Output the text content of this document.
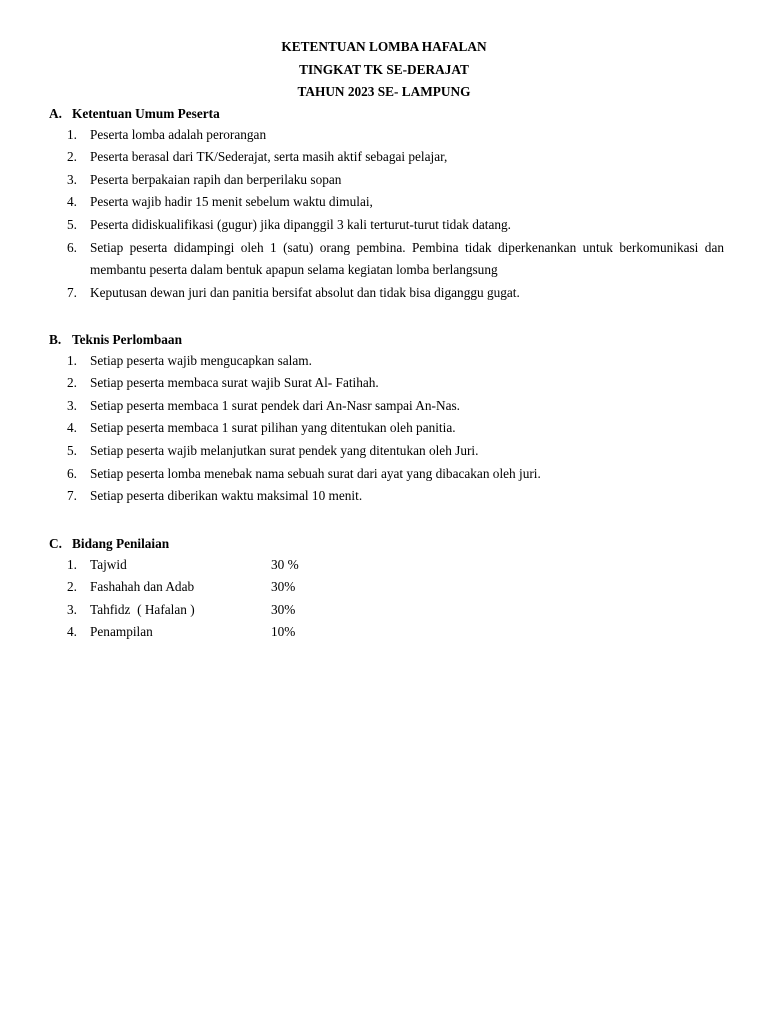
KETENTUAN LOMBA HAFALAN
TINGKAT TK SE-DERAJAT
TAHUN 2023 SE- LAMPUNG
A. Ketentuan Umum Peserta
1. Peserta lomba adalah perorangan
2. Peserta berasal dari TK/Sederajat, serta masih aktif sebagai pelajar,
3. Peserta berpakaian rapih dan berperilaku sopan
4. Peserta wajib hadir 15 menit sebelum waktu dimulai,
5. Peserta didiskualifikasi (gugur) jika dipanggil 3 kali terturut-turut tidak datang.
6. Setiap peserta didampingi oleh 1 (satu) orang pembina. Pembina tidak diperkenankan untuk berkomunikasi dan membantu peserta dalam bentuk apapun selama kegiatan lomba berlangsung
7. Keputusan dewan juri dan panitia bersifat absolut dan tidak bisa diganggu gugat.
B. Teknis Perlombaan
1. Setiap peserta wajib mengucapkan salam.
2. Setiap peserta membaca surat wajib Surat Al- Fatihah.
3. Setiap peserta membaca 1 surat pendek dari An-Nasr sampai An-Nas.
4. Setiap peserta membaca 1 surat pilihan yang ditentukan oleh panitia.
5. Setiap peserta wajib melanjutkan surat pendek yang ditentukan oleh Juri.
6. Setiap peserta lomba menebak nama sebuah surat dari ayat yang dibacakan oleh juri.
7. Setiap peserta diberikan waktu maksimal 10 menit.
C. Bidang Penilaian
1. Tajwid	30 %
2. Fashahah dan Adab	30%
3. Tahfidz  ( Hafalan )	30%
4. Penampilan	10%
